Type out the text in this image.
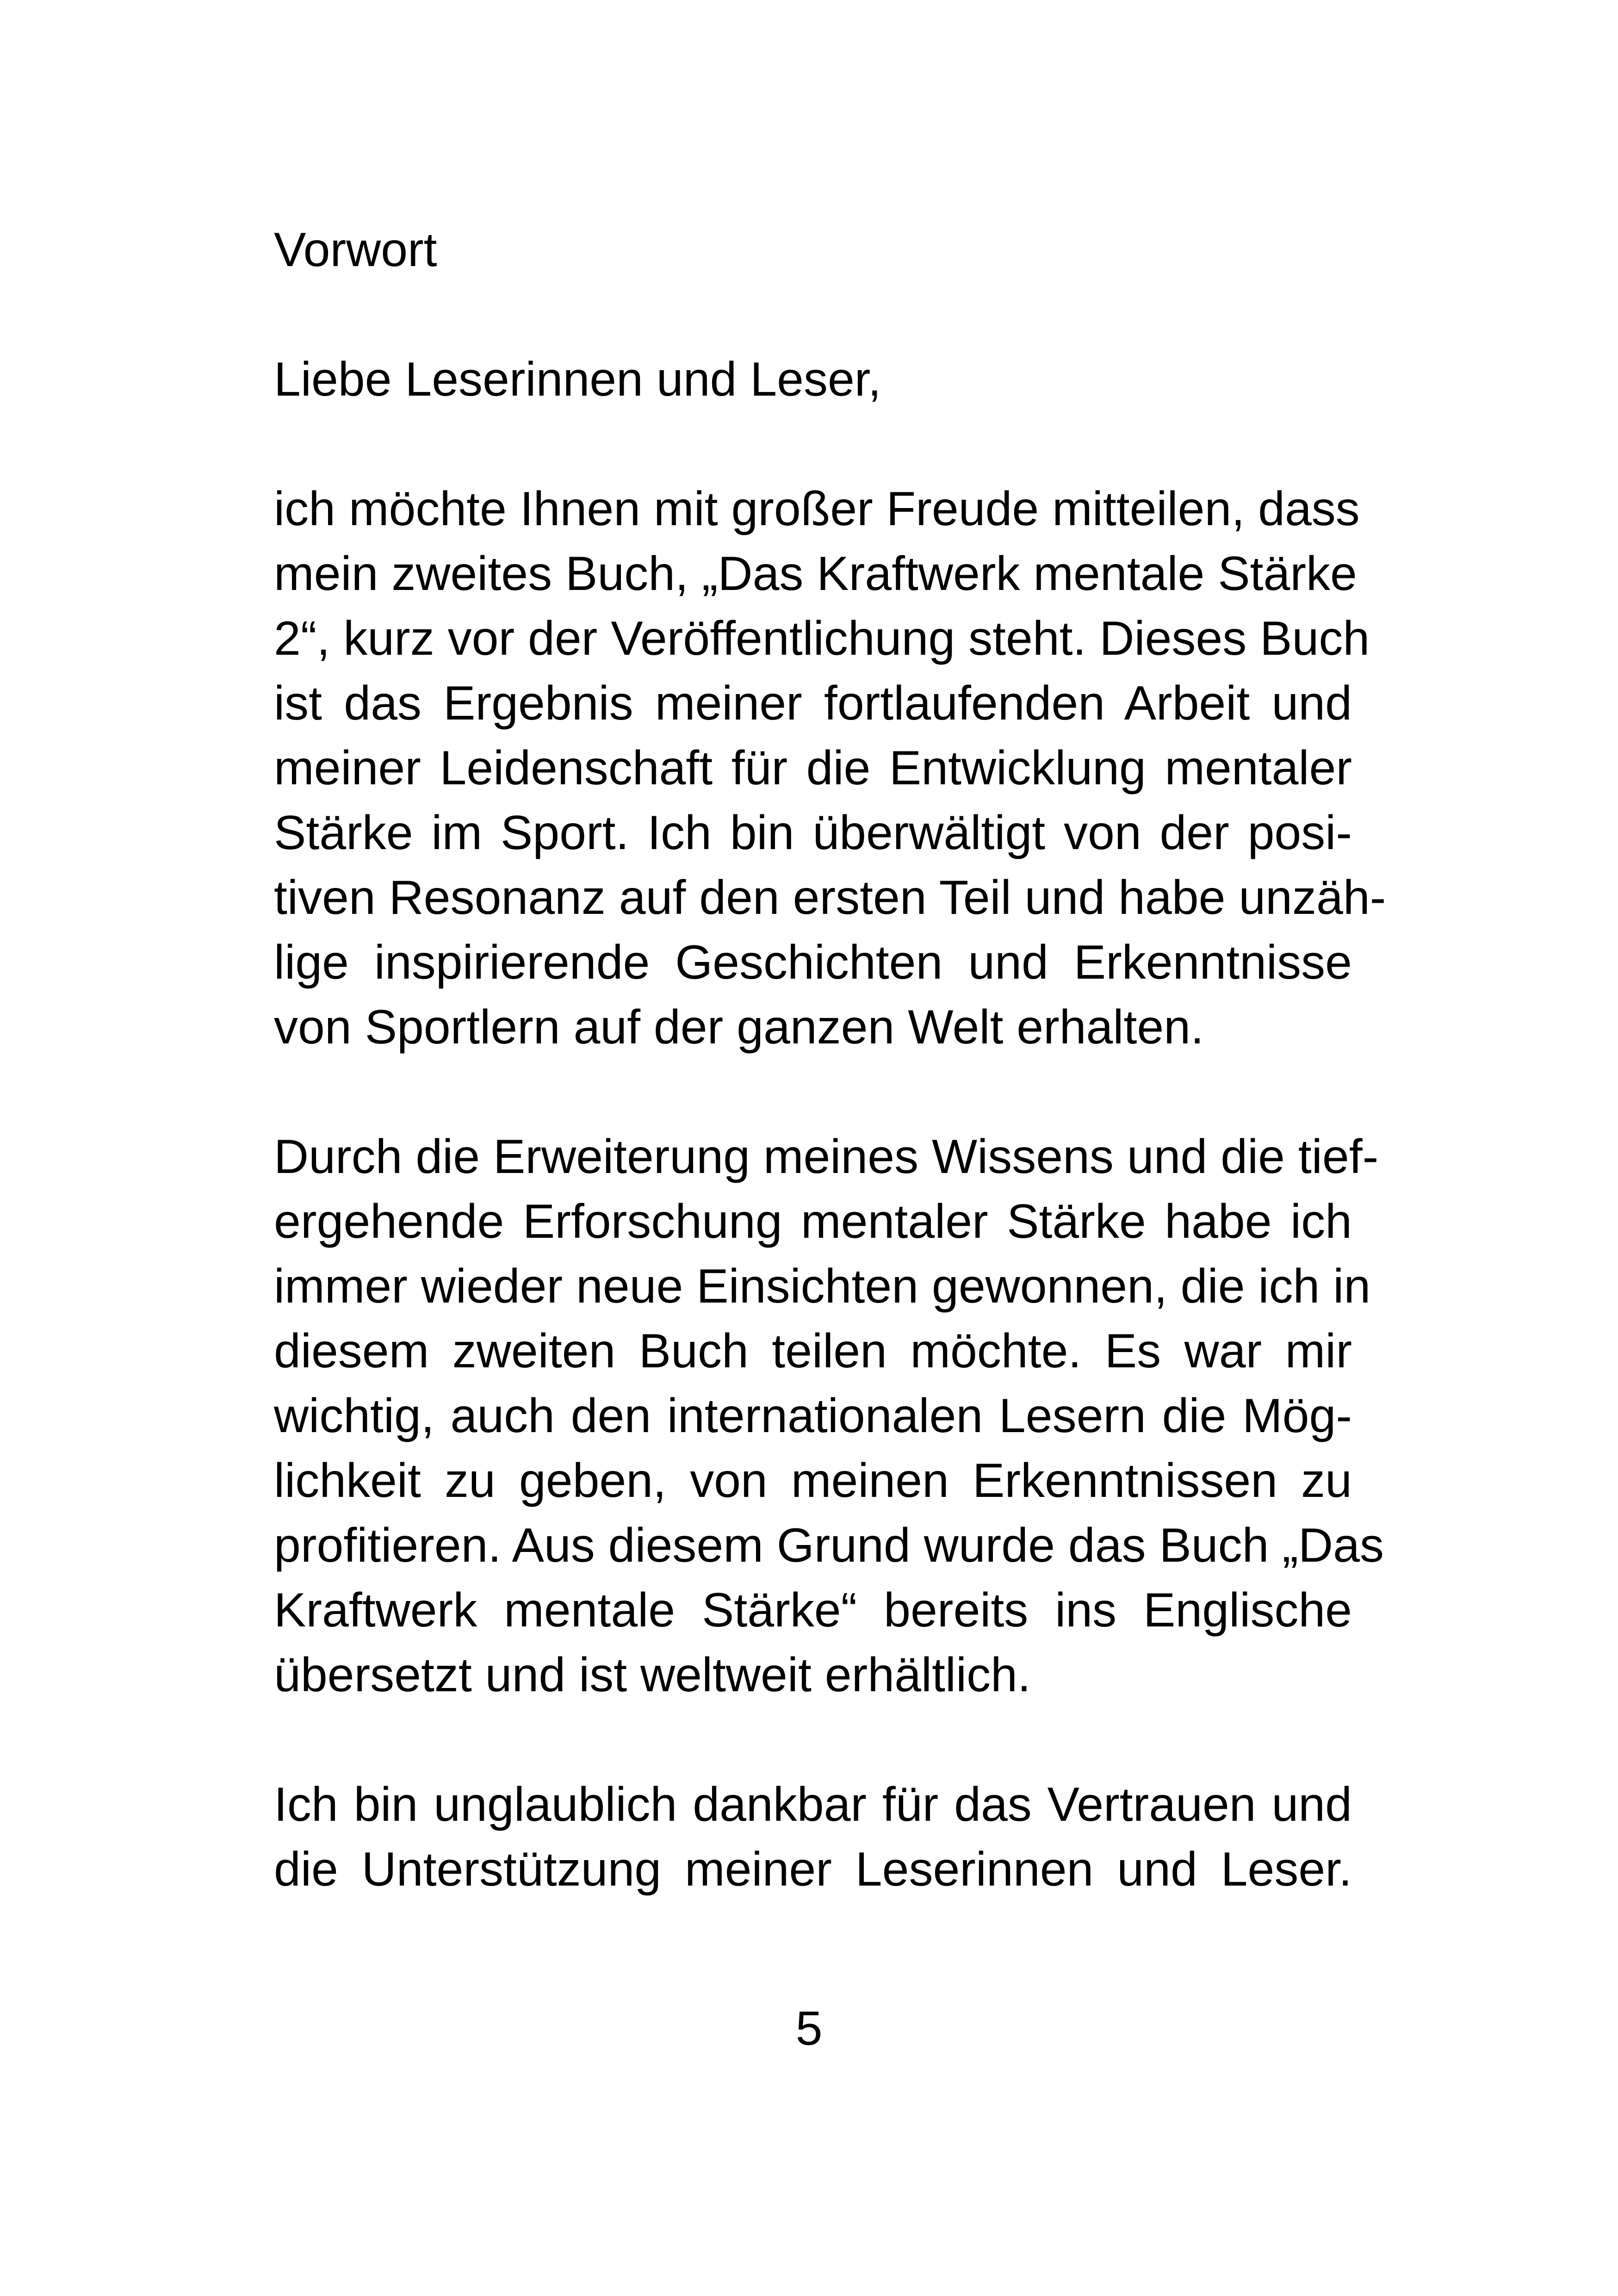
Vorwort

Liebe Leserinnen und Leser,

ich möchte Ihnen mit großer Freude mitteilen, dass

mein zweites Buch, „Das Kraftwerk mentale Stärke

2“, kurz vor der Veröffentlichung steht. Dieses Buch

ist das Ergebnis meiner fortlaufenden Arbeit und

meiner Leidenschaft für die Entwicklung mentaler

Stärke im Sport. Ich bin überwältigt von der posi-

tiven Resonanz auf den ersten Teil und habe unzäh-

lige inspirierende Geschichten und Erkenntnisse

von Sportlern auf der ganzen Welt erhalten.

Durch die Erweiterung meines Wissens und die tief-

ergehende Erforschung mentaler Stärke habe ich

immer wieder neue Einsichten gewonnen, die ich in

diesem zweiten Buch teilen möchte. Es war mir

wichtig, auch den internationalen Lesern die Mög-

lichkeit zu geben, von meinen Erkenntnissen zu

profitieren. Aus diesem Grund wurde das Buch „Das

Kraftwerk mentale Stärke“ bereits ins Englische

übersetzt und ist weltweit erhältlich.

Ich bin unglaublich dankbar für das Vertrauen und

die Unterstützung meiner Leserinnen und Leser.

5
